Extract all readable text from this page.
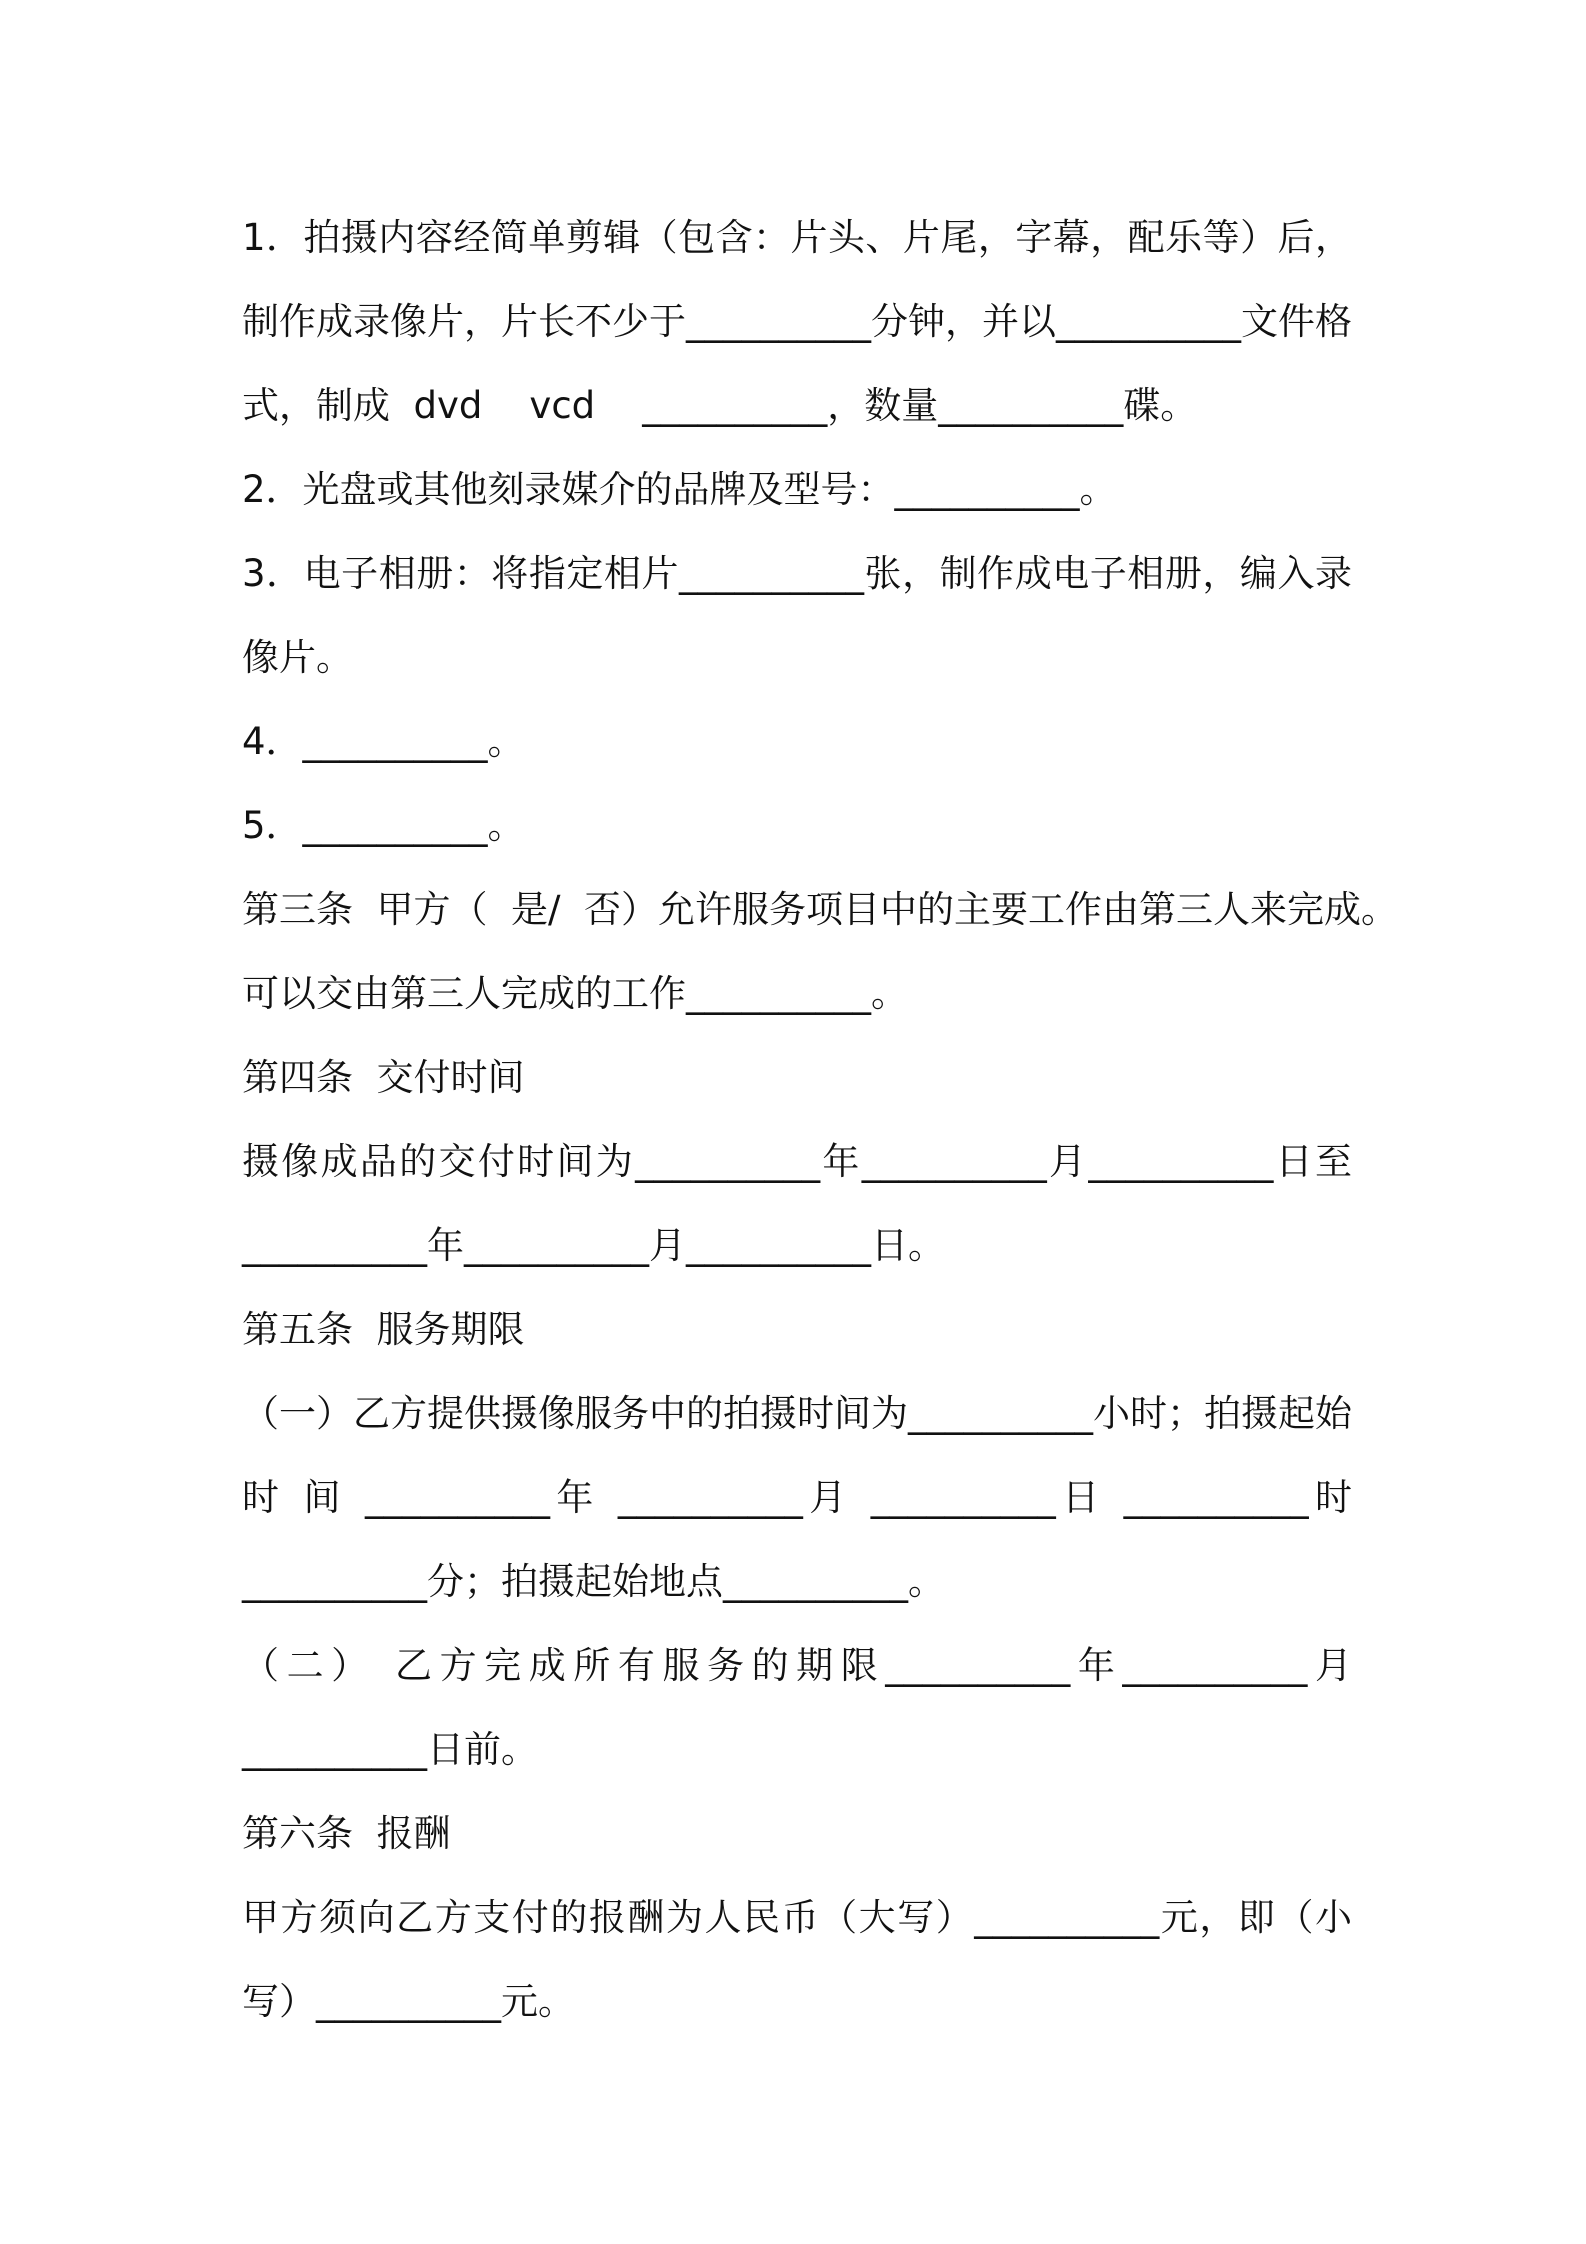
1．拍摄内容经简单剪辑（包含：片头、片尾，字幕，配乐等）后，
制作成录像片，片长不少于__________分钟，并以__________文件格
式，制成  dvd    vcd    __________，数量__________碟。
2．光盘或其他刻录媒介的品牌及型号：__________。
3．电子相册：将指定相片__________张，制作成电子相册，编入录
像片。
4．__________。
5．__________。
第三条  甲方（  是/  否）允许服务项目中的主要工作由第三人来完成。
可以交由第三人完成的工作__________。
第四条  交付时间
摄像成品的交付时间为__________年__________月__________日至
__________年__________月__________日。
第五条  服务期限
（一）乙方提供摄像服务中的拍摄时间为__________小时；拍摄起始
时 间 __________年 __________月 __________日 __________时
__________分；拍摄起始地点__________。
（二） 乙方完成所有服务的期限__________年__________月
__________日前。
第六条  报酬
甲方须向乙方支付的报酬为人民币（大写）__________元，即（小
写）__________元。
